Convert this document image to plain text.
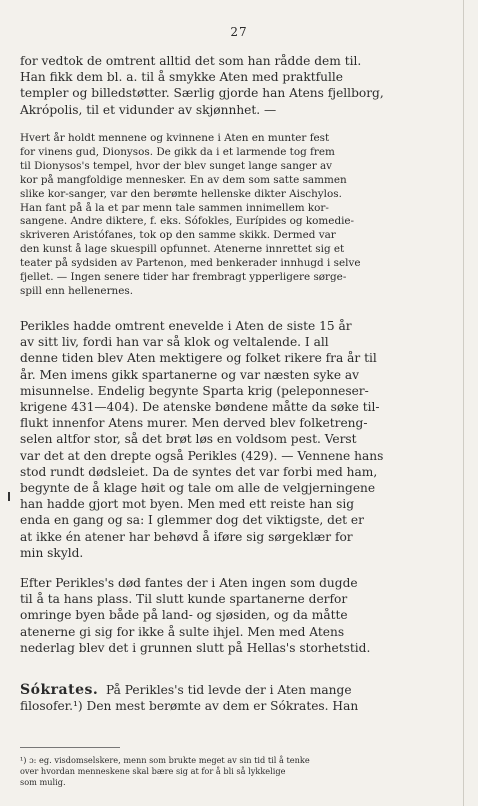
27
for vedtok de omtrent alltid det som han rådde dem til.
Han fikk dem bl. a. til å smykke Aten med praktfulle
templer og billedstøtter. Særlig gjorde han Atens fjellborg,
Akrópolis, til et vidunder av skjønnhet. —
Hvert år holdt mennene og kvinnene i Aten en munter fest
for vinens gud, Dionysos. De gikk da i et larmende tog frem
til Dionysos's tempel, hvor der blev sunget lange sanger av
kor på mangfoldige mennesker. En av dem som satte sammen
slike kor-sanger, var den berømte hellenske dikter Aischylos.
Han fant på å la et par menn tale sammen innimellem kor-
sangene. Andre diktere, f. eks. Sófokles, Eurípides og komedie-
skriveren Aristófanes, tok op den samme skikk. Dermed var
den kunst å lage skuespill opfunnet. Atenerne innrettet sig et
teater på sydsiden av Partenon, med benkerader innhugd i selve
fjellet. — Ingen senere tider har frembragt ypperligere sørge-
spill enn hellenernes.
Perikles hadde omtrent enevelde i Aten de siste 15 år
av sitt liv, fordi han var så klok og veltalende. I all
denne tiden blev Aten mektigere og folket rikere fra år til
år. Men imens gikk spartanerne og var næsten syke av
misunnelse. Endelig begynte Sparta krig (peleponneser-
krigene 431—404). De atenske bøndene måtte da søke til-
flukt innenfor Atens murer. Men derved blev folketreng-
selen altfor stor, så det brøt løs en voldsom pest. Verst
var det at den drepte også Perikles (429). — Vennene hans
stod rundt dødsleiet. Da de syntes det var forbi med ham,
begynte de å klage høit og tale om alle de velgjerningene
han hadde gjort mot byen. Men med ett reiste han sig
enda en gang og sa: I glemmer dog det viktigste, det er
at ikke én atener har behøvd å iføre sig sørgeklær for
min skyld.
Efter Perikles's død fantes der i Aten ingen som dugde
til å ta hans plass. Til slutt kunde spartanerne derfor
omringe byen både på land- og sjøsiden, og da måtte
atenerne gi sig for ikke å sulte ihjel. Men med Atens
nederlag blev det i grunnen slutt på Hellas's storhetstid.
Sókrates. På Perikles's tid levde der i Aten mange
filosofer.¹) Den mest berømte av dem er Sókrates. Han
¹) ɔ: eg. visdomselskere, menn som brukte meget av sin tid til å tenke
over hvordan menneskene skal bære sig at for å bli så lykkelige
som mulig.
